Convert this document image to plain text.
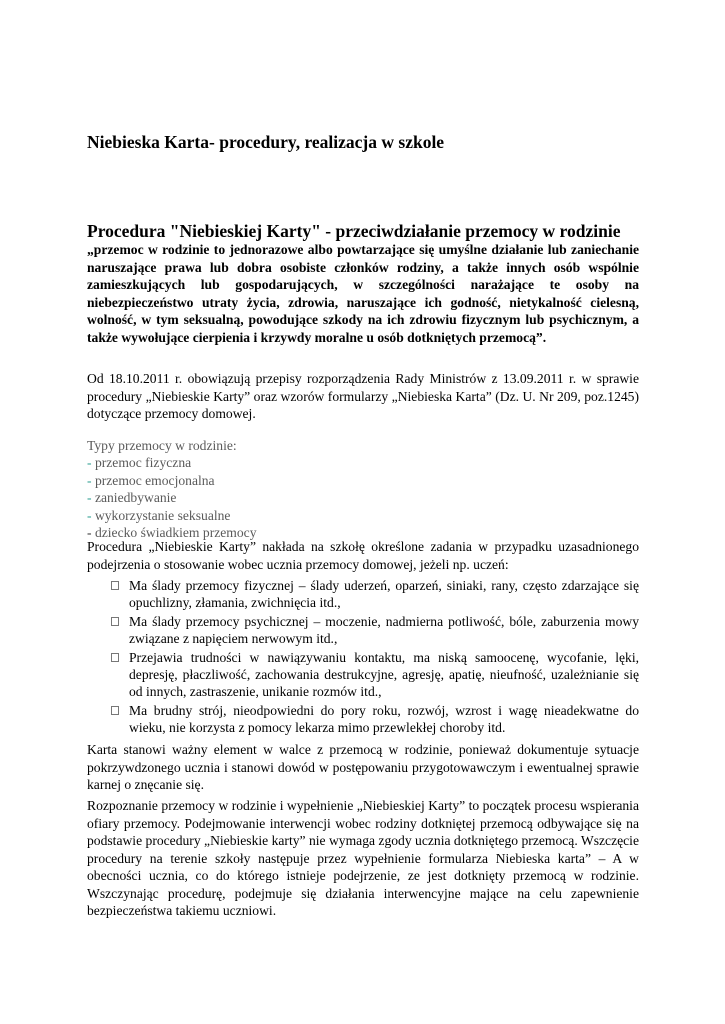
Niebieska Karta- procedury, realizacja w szkole
Procedura "Niebieskiej Karty" - przeciwdziałanie przemocy w rodzinie
„przemoc w rodzinie to jednorazowe albo powtarzające się umyślne działanie lub zaniechanie naruszające prawa lub dobra osobiste członków rodziny, a także innych osób wspólnie zamieszkujących lub gospodarujących, w szczególności narażające te osoby na niebezpieczeństwo utraty życia, zdrowia, naruszające ich godność, nietykalność cielesną, wolność, w tym seksualną, powodujące szkody na ich zdrowiu fizycznym lub psychicznym, a także wywołujące cierpienia i krzywdy moralne u osób dotkniętych przemocą”.
Od 18.10.2011 r. obowiązują przepisy rozporządzenia Rady Ministrów z 13.09.2011 r. w sprawie procedury „Niebieskie Karty” oraz wzorów formularzy „Niebieska Karta” (Dz. U. Nr 209, poz.1245) dotyczące przemocy domowej.
Typy przemocy w rodzinie:
- przemoc fizyczna
- przemoc emocjonalna
- zaniedbywanie
- wykorzystanie seksualne
- dziecko świadkiem przemocy
Procedura „Niebieskie Karty” nakłada na szkołę określone zadania w przypadku uzasadnionego podejrzenia o stosowanie wobec ucznia przemocy domowej, jeżeli np. uczeń:
Ma ślady przemocy fizycznej – ślady uderzeń, oparzeń, siniaki, rany, często zdarzające się opuchlizny, złamania, zwichnięcia itd.,
Ma ślady przemocy psychicznej – moczenie, nadmierna potliwość, bóle, zaburzenia mowy związane z napięciem nerwowym itd.,
Przejawia trudności w nawiązywaniu kontaktu, ma niską samoocenę, wycofanie, lęki, depresję, płaczliwość, zachowania destrukcyjne, agresję, apatię, nieufność, uzależnianie się od innych, zastraszenie, unikanie rozmów itd.,
Ma brudny strój, nieodpowiedni do pory roku, rozwój, wzrost i wagę nieadekwatne do wieku, nie korzysta z pomocy lekarza mimo przewlekłej choroby itd.
Karta stanowi ważny element w walce z przemocą w rodzinie, ponieważ dokumentuje sytuacje pokrzywdzonego ucznia i stanowi dowód w postępowaniu przygotowawczym i ewentualnej sprawie karnej o znęcanie się.
Rozpoznanie przemocy w rodzinie i wypełnienie „Niebieskiej Karty” to początek procesu wspierania ofiary przemocy. Podejmowanie interwencji wobec rodziny dotkniętej przemocą odbywające się na podstawie procedury „Niebieskie karty” nie wymaga zgody ucznia dotkniętego przemocą. Wszczęcie procedury na terenie szkoły następuje przez wypełnienie formularza Niebieska karta” – A w obecności ucznia, co do którego istnieje podejrzenie, ze jest dotknięty przemocą w rodzinie. Wszczynając procedurę, podejmuje się działania interwencyjne mające na celu zapewnienie bezpieczeństwa takiemu uczniowi.
